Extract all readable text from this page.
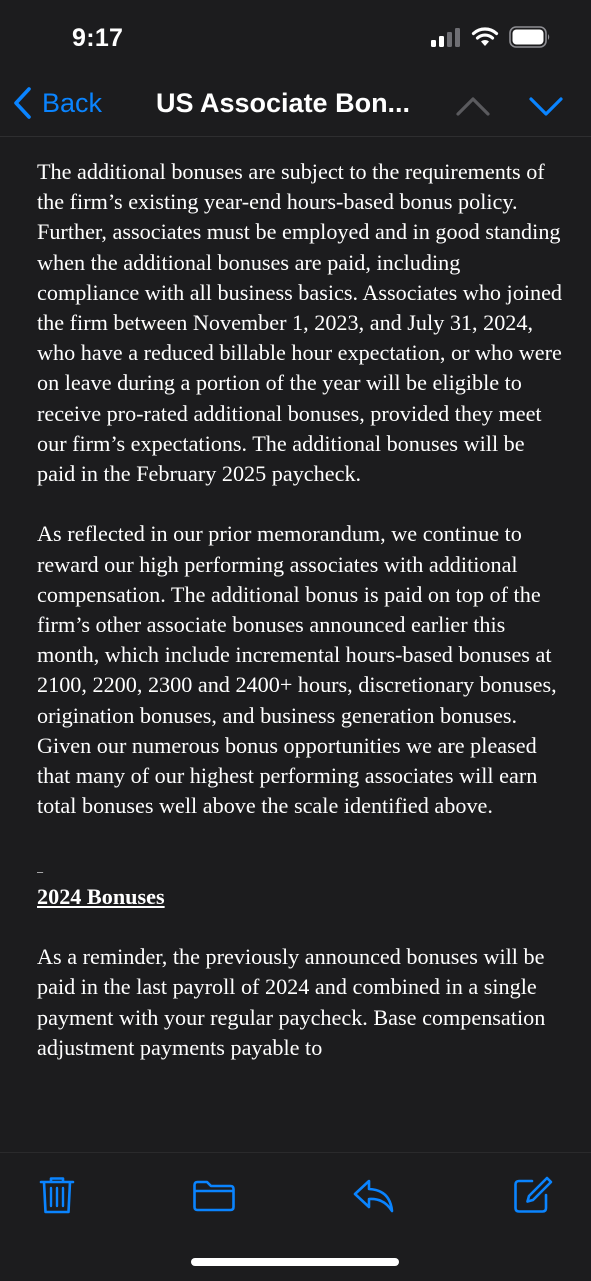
9:17
Back US Associate Bon...

The additional bonuses are subject to the requirements of the firm’s existing year-end hours-based bonus policy. Further, associates must be employed and in good standing when the additional bonuses are paid, including compliance with all business basics. Associates who joined the firm between November 1, 2023, and July 31, 2024, who have a reduced billable hour expectation, or who were on leave during a portion of the year will be eligible to receive pro-rated additional bonuses, provided they meet our firm’s expectations. The additional bonuses will be paid in the February 2025 paycheck.

As reflected in our prior memorandum, we continue to reward our high performing associates with additional compensation. The additional bonus is paid on top of the firm’s other associate bonuses announced earlier this month, which include incremental hours-based bonuses at 2100, 2200, 2300 and 2400+ hours, discretionary bonuses, origination bonuses, and business generation bonuses. Given our numerous bonus opportunities we are pleased that many of our highest performing associates will earn total bonuses well above the scale identified above.

_
2024 Bonuses

As a reminder, the previously announced bonuses will be paid in the last payroll of 2024 and combined in a single payment with your regular paycheck. Base compensation adjustment payments payable to
